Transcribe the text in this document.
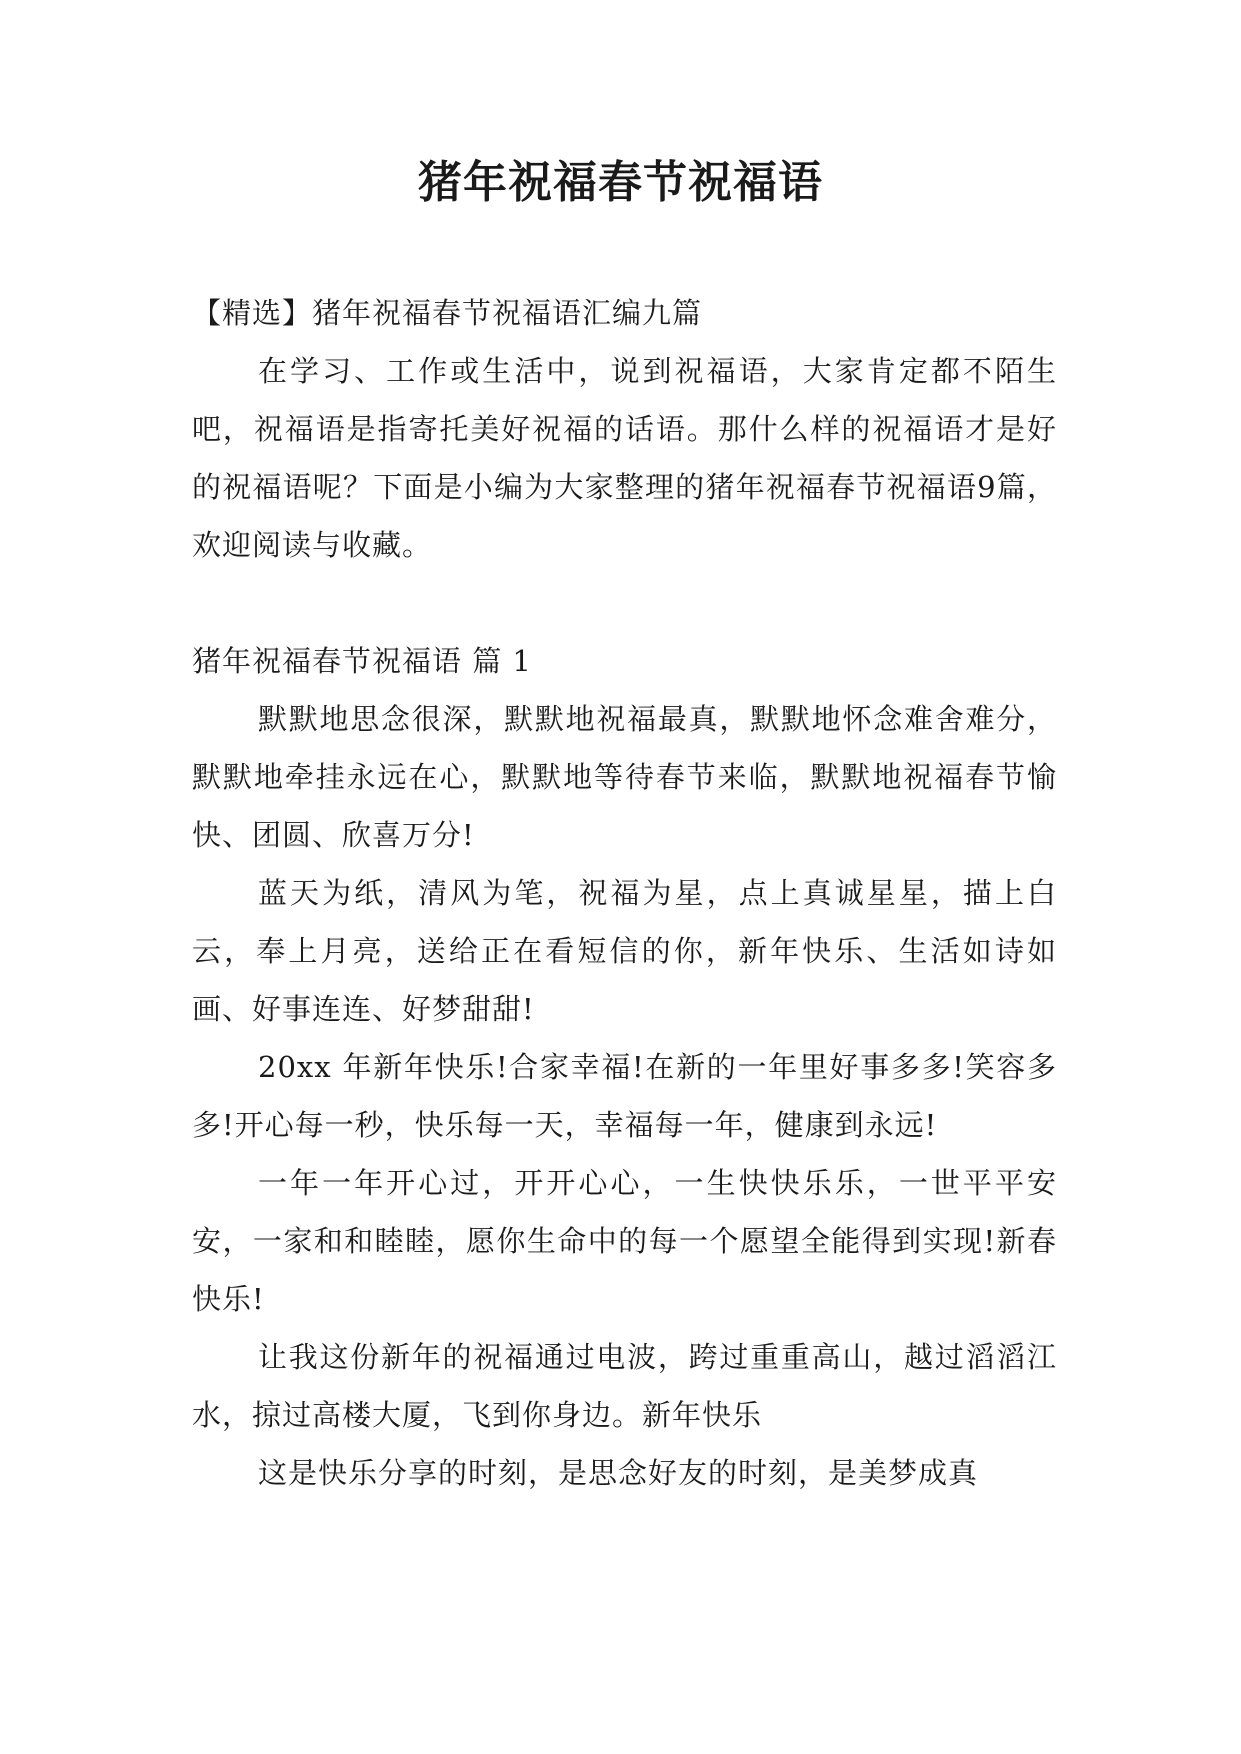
猪年祝福春节祝福语

【精选】猪年祝福春节祝福语汇编九篇

在学习、工作或生活中，说到祝福语，大家肯定都不陌生吧，祝福语是指寄托美好祝福的话语。那什么样的祝福语才是好的祝福语呢？下面是小编为大家整理的猪年祝福春节祝福语9篇，欢迎阅读与收藏。

猪年祝福春节祝福语 篇 1

默默地思念很深，默默地祝福最真，默默地怀念难舍难分，默默地牵挂永远在心，默默地等待春节来临，默默地祝福春节愉快、团圆、欣喜万分!

蓝天为纸，清风为笔，祝福为星，点上真诚星星，描上白云，奉上月亮，送给正在看短信的你，新年快乐、生活如诗如画、好事连连、好梦甜甜!

20xx 年新年快乐!合家幸福!在新的一年里好事多多!笑容多多!开心每一秒，快乐每一天，幸福每一年，健康到永远!

一年一年开心过，开开心心，一生快快乐乐，一世平平安安，一家和和睦睦，愿你生命中的每一个愿望全能得到实现!新春快乐!

让我这份新年的祝福通过电波，跨过重重高山，越过滔滔江水，掠过高楼大厦，飞到你身边。新年快乐

这是快乐分享的时刻，是思念好友的时刻，是美梦成真
